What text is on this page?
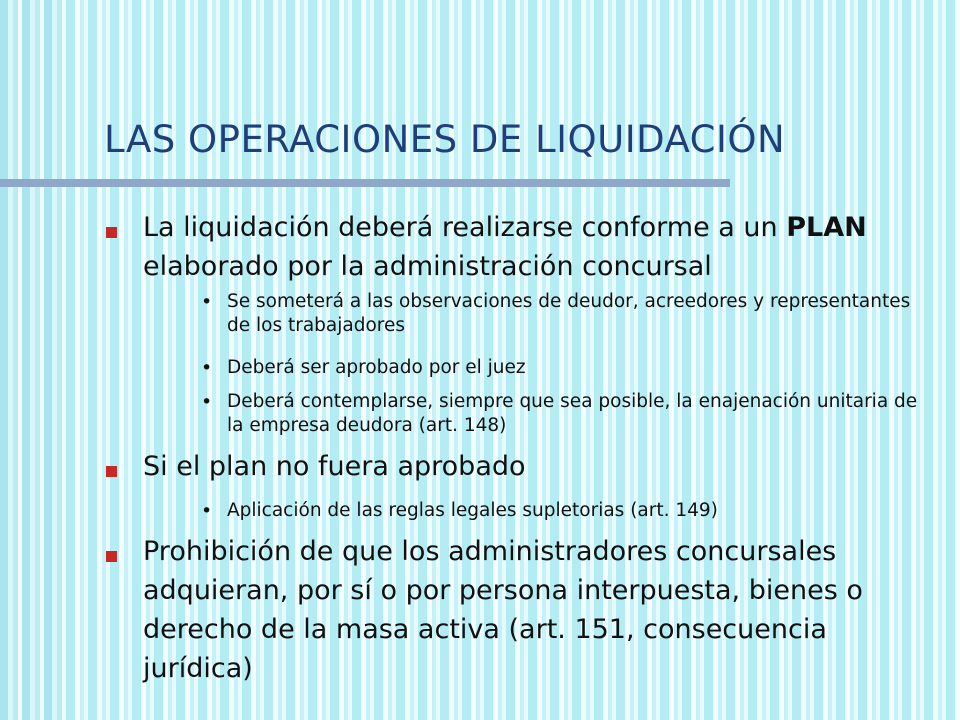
LAS OPERACIONES DE LIQUIDACIÓN

La liquidación deberá realizarse conforme a un PLAN elaborado por la administración concursal

• Se someterá a las observaciones de deudor, acreedores y representantes de los trabajadores

• Deberá ser aprobado por el juez

• Deberá contemplarse, siempre que sea posible, la enajenación unitaria de la empresa deudora (art. 148)

Si el plan no fuera aprobado

• Aplicación de las reglas legales supletorias (art. 149)

Prohibición de que los administradores concursales adquieran, por sí o por persona interpuesta, bienes o derecho de la masa activa (art. 151, consecuencia jurídica)
